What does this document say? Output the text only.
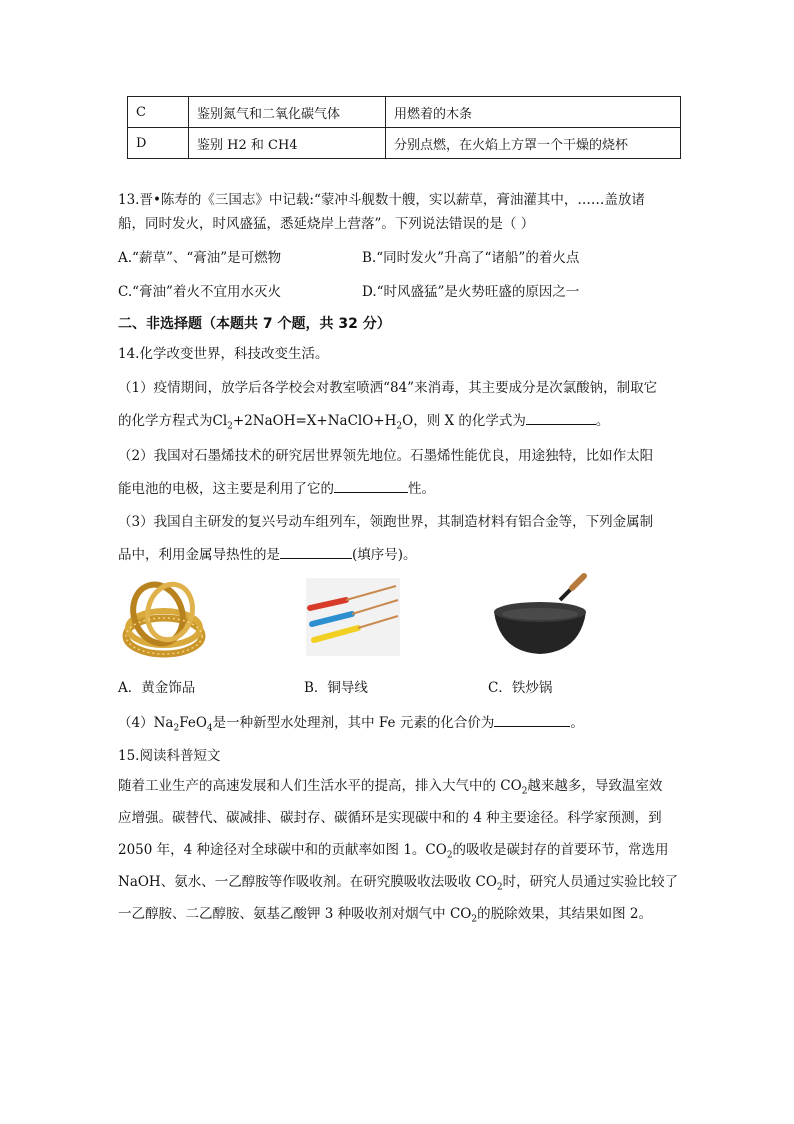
C	鉴别氮气和二氧化碳气体	用燃着的木条
D	鉴别 H2 和 CH4	分别点燃，在火焰上方罩一个干燥的烧杯
13.晋•陈寿的《三国志》中记载:“蒙冲斗舰数十艘，实以薪草，膏油灌其中，……盖放诸
船，同时发火，时风盛猛，悉延烧岸上营落”。下列说法错误的是（ ）
A.“薪草”、“膏油”是可燃物	B.“同时发火”升高了“诸船”的着火点
C.“膏油”着火不宜用水灭火	D.“时风盛猛”是火势旺盛的原因之一
二、非选择题（本题共 7 个题，共 32 分）
14.化学改变世界，科技改变生活。
（1）疫情期间，放学后各学校会对教室喷洒“84”来消毒，其主要成分是次氯酸钠，制取它
的化学方程式为$Cl_2+2NaOH=X+NaClO+H_2O$，则 X 的化学式为	。
（2）我国对石墨烯技术的研究居世界领先地位。石墨烯性能优良，用途独特，比如作太阳
能电池的电极，这主要是利用了它的	性。
（3）我国自主研发的复兴号动车组列车，领跑世界，其制造材料有铝合金等，下列金属制
品中，利用金属导热性的是	(填序号)。
A．黄金饰品	B．铜导线	C．铁炒锅
$(4)Na_2FeO_4$是一种新型水处理剂，其中 Fe 元素的化合价为	。
15.阅读科普短文
随着工业生产的高速发展和人们生活水平的提高，排入大气中的 $CO_2$越来越多，导致温室效
应增强。碳替代、碳减排、碳封存、碳循环是实现碳中和的 4 种主要途径。科学家预测，到
2050 年，4 种途径对全球碳中和的贡献率如图 1。$CO_2$的吸收是碳封存的首要环节，常选用
NaOH、氨水、一乙醇胺等作吸收剂。在研究膜吸收法吸收 $CO_2$时，研究人员通过实验比较了
一乙醇胺、二乙醇胺、氨基乙酸钾 3 种吸收剂对烟气中 $CO_2$的脱除效果，其结果如图 2。
